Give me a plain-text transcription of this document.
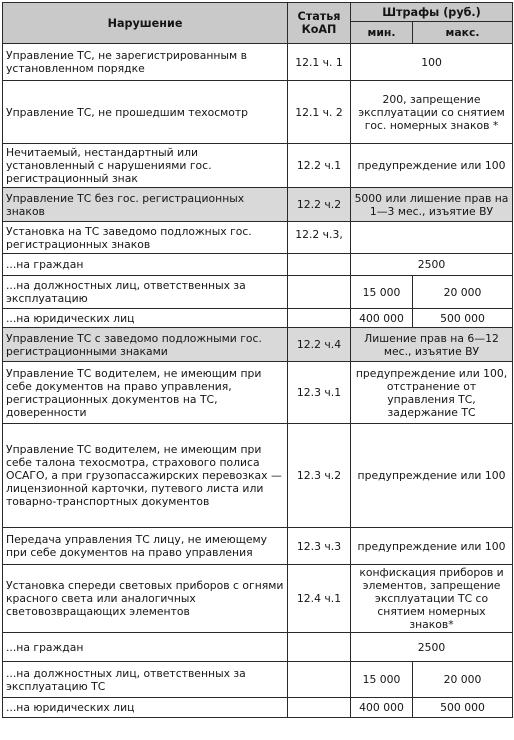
Нарушение	Статья КоАП	Штрафы (руб.)	
		мин.	макс.
Управление ТС, не зарегистрированным в установленном порядке	12.1 ч. 1	100	
Управление ТС, не прошедшим техосмотр	12.1 ч. 2	200, запрещение эксплуатации со снятием гос. номерных знаков *	
Нечитаемый, нестандартный или установленный с нарушениями гос. регистрационный знак	12.2 ч.1	предупреждение или 100	
Управление ТС без гос. регистрационных знаков	12.2 ч.2	5000 или лишение прав на 1—3 мес., изъятие ВУ	
Установка на ТС заведомо подложных гос. регистрационных знаков	12.2 ч.3,		
...на граждан		2500	
...на должностных лиц, ответственных за эксплуатацию		15 000	20 000
...на юридических лиц		400 000	500 000
Управление ТС с заведомо подложными гос. регистрационными знаками	12.2 ч.4	Лишение прав на 6—12 мес., изъятие ВУ	
Управление ТС водителем, не имеющим при себе документов на право управления, регистрационных документов на ТС, доверенности	12.3 ч.1	предупреждение или 100, отстранение от управления ТС, задержание ТС	
Управление ТС водителем, не имеющим при себе талона техосмотра, страхового полиса ОСАГО, а при грузопассажирских перевозках — лицензионной карточки, путевого листа или товарно-транспортных документов	12.3 ч.2	предупреждение или 100	
Передача управления ТС лицу, не имеющему при себе документов на право управления	12.3 ч.3	предупреждение или 100	
Установка спереди световых приборов с огнями красного света или аналогичных световозвращающих элементов	12.4 ч.1	конфискация приборов и элементов, запрещение эксплуатации ТС со снятием номерных знаков*	
...на граждан		2500	
...на должностных лиц, ответственных за эксплуатацию ТС		15 000	20 000
...на юридических лиц		400 000	500 000
